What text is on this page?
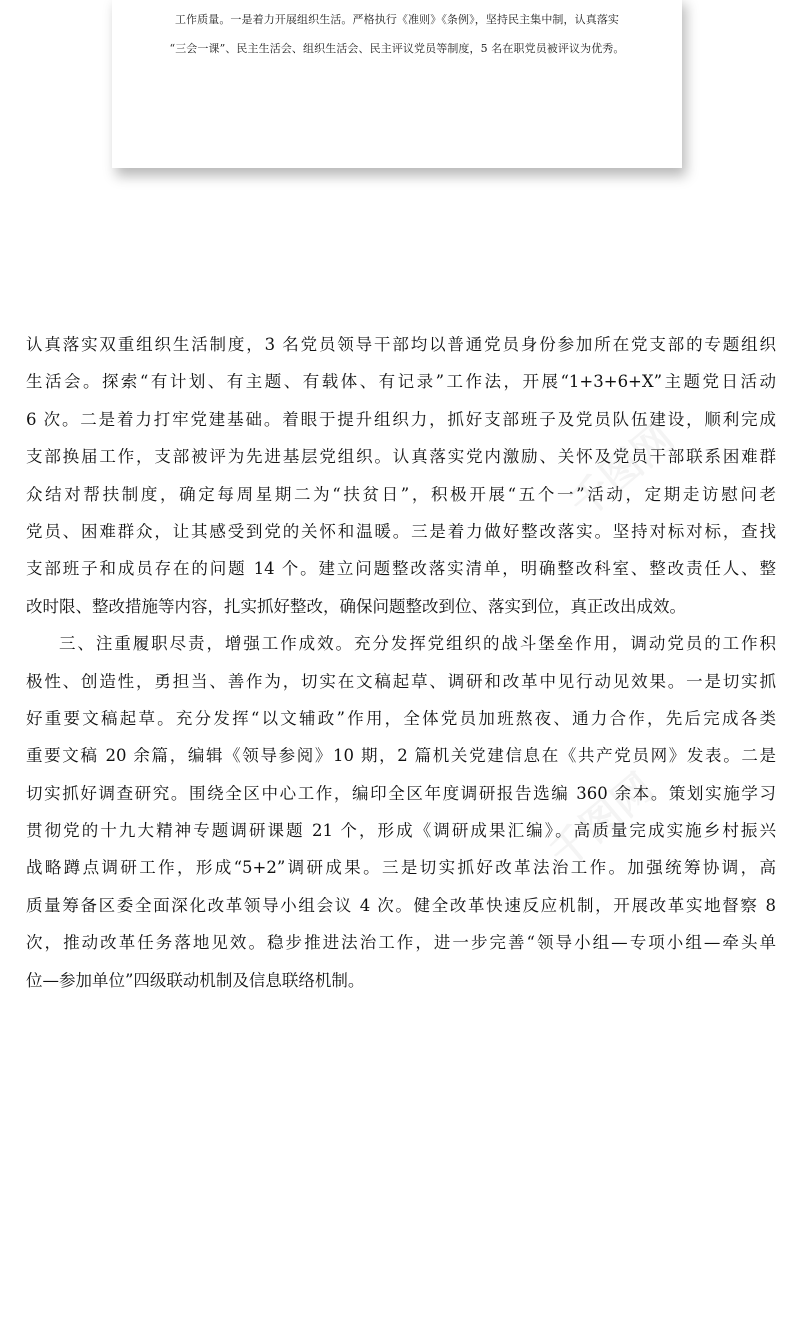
工作质量。一是着力开展组织生活。严格执行《准则》《条例》，坚持民主集中制，认真落实
“三会一课”、民主生活会、组织生活会、民主评议党员等制度，5 名在职党员被评议为优秀。
千图网
千图网
认真落实双重组织生活制度，3 名党员领导干部均以普通党员身份参加所在党支部的专题组织
生活会。探索“有计划、有主题、有载体、有记录”工作法，开展“1+3+6+X”主题党日活动
6 次。二是着力打牢党建基础。着眼于提升组织力，抓好支部班子及党员队伍建设，顺利完成
支部换届工作，支部被评为先进基层党组织。认真落实党内激励、关怀及党员干部联系困难群
众结对帮扶制度，确定每周星期二为“扶贫日”，积极开展“五个一”活动，定期走访慰问老
党员、困难群众，让其感受到党的关怀和温暖。三是着力做好整改落实。坚持对标对标，查找
支部班子和成员存在的问题 14 个。建立问题整改落实清单，明确整改科室、整改责任人、整
改时限、整改措施等内容，扎实抓好整改，确保问题整改到位、落实到位，真正改出成效。
三、注重履职尽责，增强工作成效。充分发挥党组织的战斗堡垒作用，调动党员的工作积
极性、创造性，勇担当、善作为，切实在文稿起草、调研和改革中见行动见效果。一是切实抓
好重要文稿起草。充分发挥“以文辅政”作用，全体党员加班熬夜、通力合作，先后完成各类
重要文稿 20 余篇，编辑《领导参阅》10 期，2 篇机关党建信息在《共产党员网》发表。二是
切实抓好调查研究。围绕全区中心工作，编印全区年度调研报告选编 360 余本。策划实施学习
贯彻党的十九大精神专题调研课题 21 个，形成《调研成果汇编》。高质量完成实施乡村振兴
战略蹲点调研工作，形成“5+2”调研成果。三是切实抓好改革法治工作。加强统筹协调，高
质量筹备区委全面深化改革领导小组会议 4 次。健全改革快速反应机制，开展改革实地督察 8
次，推动改革任务落地见效。稳步推进法治工作，进一步完善“领导小组—专项小组—牵头单
位—参加单位”四级联动机制及信息联络机制。
